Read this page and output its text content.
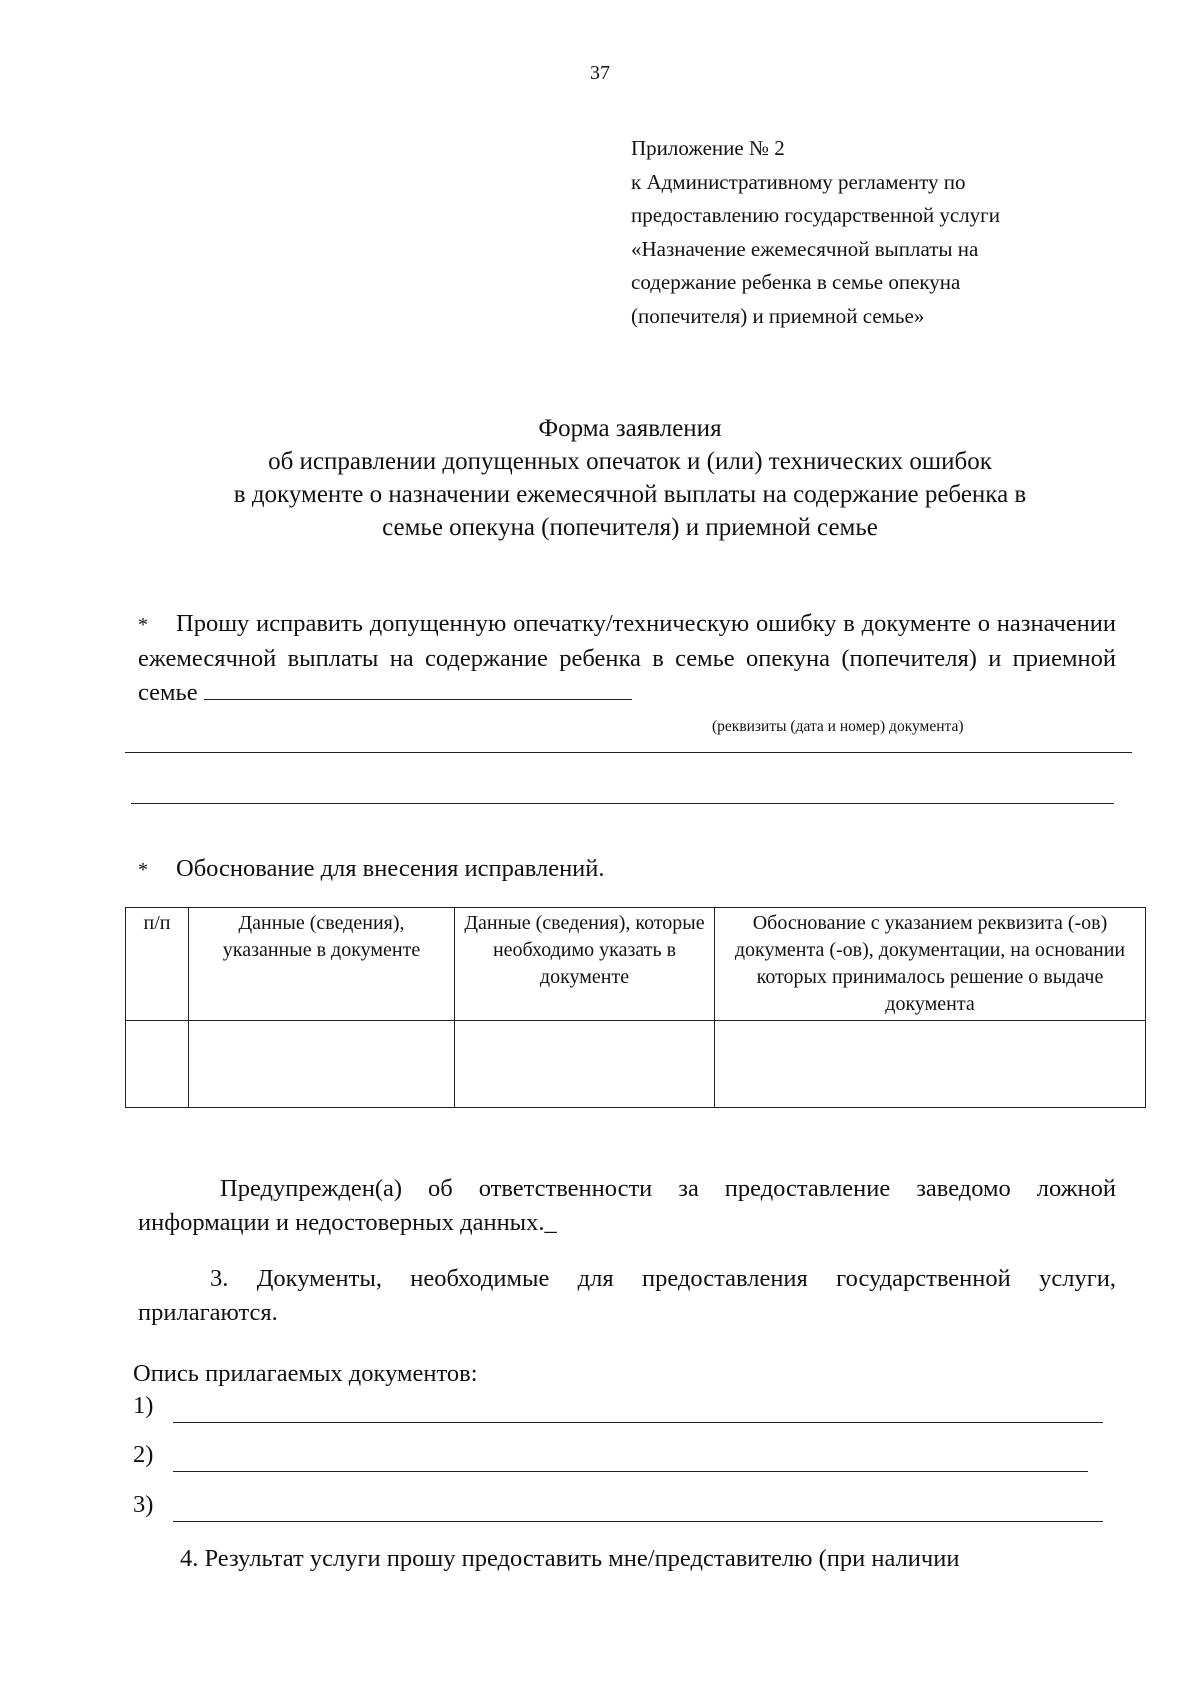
37
Приложение № 2
к Административному регламенту по
предоставлению государственной услуги
«Назначение ежемесячной выплаты на
содержание ребенка в семье опекуна
(попечителя) и приемной семье»
Форма заявления
об исправлении допущенных опечаток и (или) технических ошибок
в документе о назначении ежемесячной выплаты на содержание ребенка в
семье опекуна (попечителя) и приемной семье
* Прошу исправить допущенную опечатку/техническую ошибку в документе о назначении ежемесячной выплаты на содержание ребенка в семье опекуна (попечителя) и приемной семье
(реквизиты (дата и номер) документа)
* Обоснование для внесения исправлений.
п/п	Данные (сведения), указанные в документе	Данные (сведения), которые необходимо указать в документе	Обоснование с указанием реквизита (-ов) документа (-ов), документации, на основании которых принималось решение о выдаче документа

Предупрежден(а) об ответственности за предоставление заведомо ложной информации и недостоверных данных._
3. Документы, необходимые для предоставления государственной услуги, прилагаются.
Опись прилагаемых документов:
1)
2)
3)
4. Результат услуги прошу предоставить мне/представителю (при наличии
